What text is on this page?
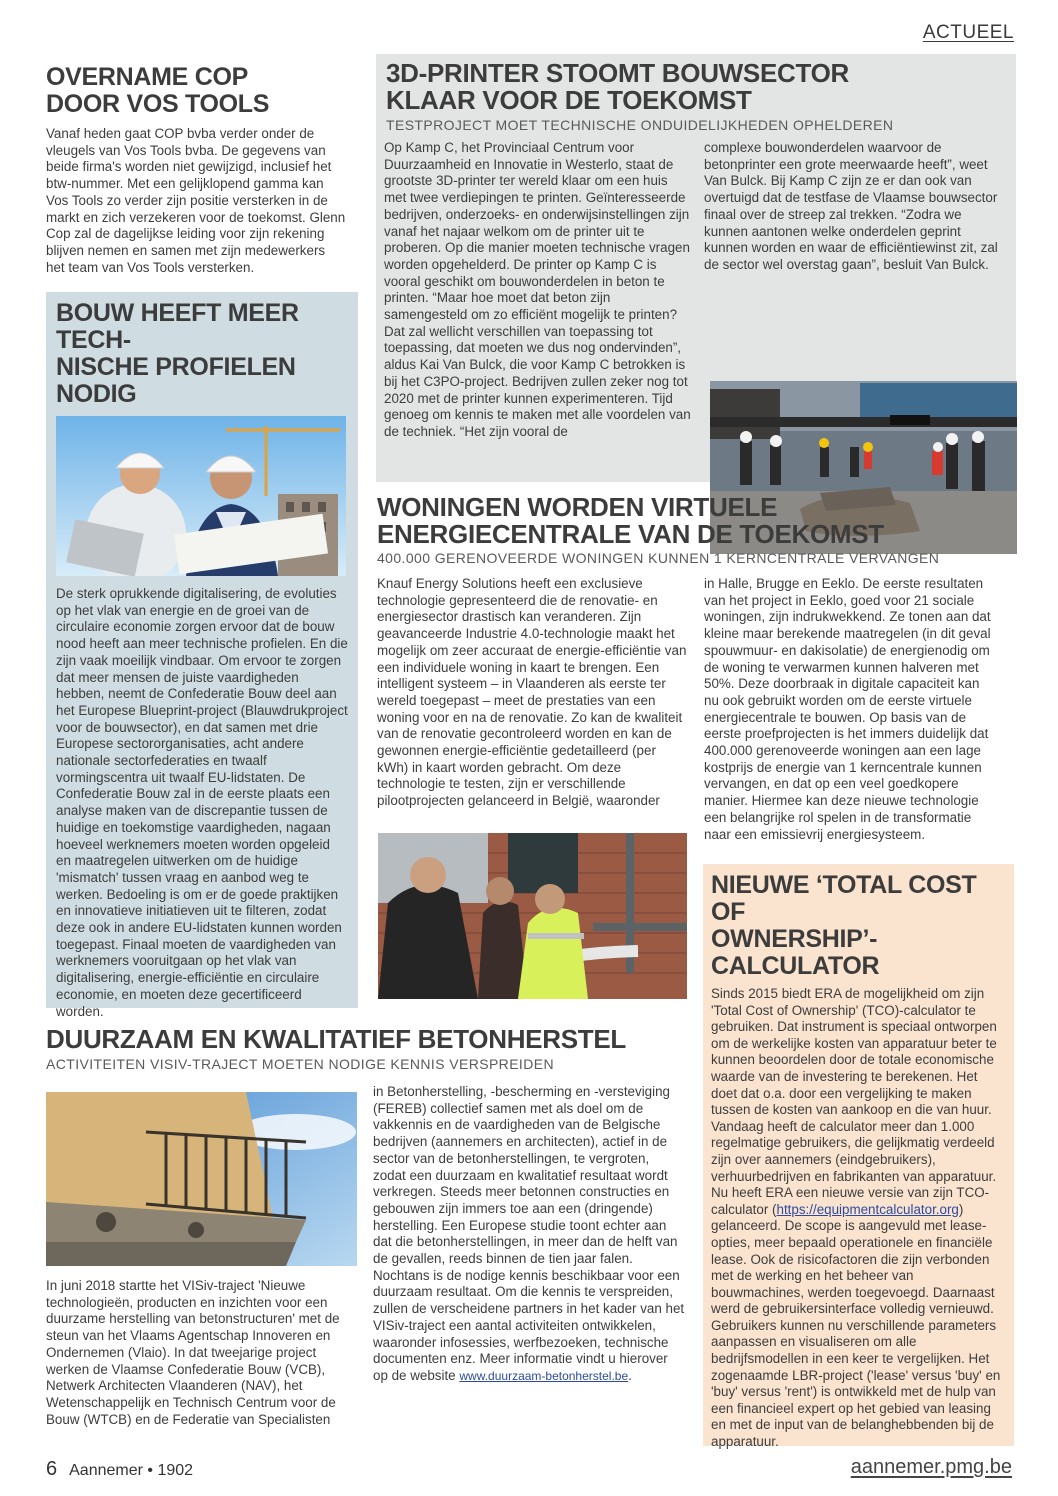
ACTUEEL
OVERNAME COP
DOOR VOS TOOLS
Vanaf heden gaat COP bvba verder onder de vleugels van Vos Tools bvba. De gegevens van beide firma's worden niet gewijzigd, inclusief het btw-nummer. Met een gelijklopend gamma kan Vos Tools zo verder zijn positie versterken in de markt en zich verzekeren voor de toekomst. Glenn Cop zal de dagelijkse leiding voor zijn rekening blijven nemen en samen met zijn medewerkers het team van Vos Tools versterken.
BOUW HEEFT MEER TECH-
NISCHE PROFIELEN NODIG
De sterk oprukkende digitalisering, de evoluties op het vlak van energie en de groei van de circulaire economie zorgen ervoor dat de bouw nood heeft aan meer technische profielen. En die zijn vaak moeilijk vindbaar. Om ervoor te zorgen dat meer mensen de juiste vaardigheden hebben, neemt de Confederatie Bouw deel aan het Europese Blueprint-project (Blauwdrukproject voor de bouwsector), en dat samen met drie Europese sectororganisaties, acht andere nationale sectorfederaties en twaalf vormingscentra uit twaalf EU-lidstaten. De Confederatie Bouw zal in de eerste plaats een analyse maken van de discrepantie tussen de huidige en toekomstige vaardigheden, nagaan hoeveel werknemers moeten worden opgeleid en maatregelen uitwerken om de huidige 'mismatch' tussen vraag en aanbod weg te werken. Bedoeling is om er de goede praktijken en innovatieve initiatieven uit te filteren, zodat deze ook in andere EU-lidstaten kunnen worden toegepast. Finaal moeten de vaardigheden van werknemers vooruitgaan op het vlak van digitalisering, energie-efficiëntie en circulaire economie, en moeten deze gecertificeerd worden.
3D-PRINTER STOOMT BOUWSECTOR
KLAAR VOOR DE TOEKOMST
TESTPROJECT MOET TECHNISCHE ONDUIDELIJKHEDEN OPHELDEREN
Op Kamp C, het Provinciaal Centrum voor Duurzaamheid en Innovatie in Westerlo, staat de grootste 3D-printer ter wereld klaar om een huis met twee verdiepingen te printen. Geïnteresseerde bedrijven, onderzoeks- en onderwijsinstellingen zijn vanaf het najaar welkom om de printer uit te proberen. Op die manier moeten technische vragen worden opgehelderd. De printer op Kamp C is vooral geschikt om bouwonderdelen in beton te printen. “Maar hoe moet dat beton zijn samengesteld om zo efficiënt mogelijk te printen? Dat zal wellicht verschillen van toepassing tot toepassing, dat moeten we dus nog ondervinden”, aldus Kai Van Bulck, die voor Kamp C betrokken is bij het C3PO-project. Bedrijven zullen zeker nog tot 2020 met de printer kunnen experimenteren. Tijd genoeg om kennis te maken met alle voordelen van de techniek. “Het zijn vooral de
complexe bouwonderdelen waarvoor de betonprinter een grote meerwaarde heeft”, weet Van Bulck. Bij Kamp C zijn ze er dan ook van overtuigd dat de testfase de Vlaamse bouwsector finaal over de streep zal trekken. “Zodra we kunnen aantonen welke onderdelen geprint kunnen worden en waar de efficiëntiewinst zit, zal de sector wel overstag gaan”, besluit Van Bulck.
WONINGEN WORDEN VIRTUELE
ENERGIECENTRALE VAN DE TOEKOMST
400.000 GERENOVEERDE WONINGEN KUNNEN 1 KERNCENTRALE VERVANGEN
Knauf Energy Solutions heeft een exclusieve technologie gepresenteerd die de renovatie- en energiesector drastisch kan veranderen. Zijn geavanceerde Industrie 4.0-technologie maakt het mogelijk om zeer accuraat de energie-efficiëntie van een individuele woning in kaart te brengen. Een intelligent systeem – in Vlaanderen als eerste ter wereld toegepast – meet de prestaties van een woning voor en na de renovatie. Zo kan de kwaliteit van de renovatie gecontroleerd worden en kan de gewonnen energie-efficiëntie gedetailleerd (per kWh) in kaart worden gebracht. Om deze technologie te testen, zijn er verschillende pilootprojecten gelanceerd in België, waaronder
in Halle, Brugge en Eeklo. De eerste resultaten van het project in Eeklo, goed voor 21 sociale woningen, zijn indrukwekkend. Ze tonen aan dat kleine maar berekende maatregelen (in dit geval spouwmuur- en dakisolatie) de energienodig om de woning te verwarmen kunnen halveren met 50%. Deze doorbraak in digitale capaciteit kan nu ook gebruikt worden om de eerste virtuele energiecentrale te bouwen. Op basis van de eerste proefprojecten is het immers duidelijk dat 400.000 gerenoveerde woningen aan een lage kostprijs de energie van 1 kerncentrale kunnen vervangen, en dat op een veel goedkopere manier. Hiermee kan deze nieuwe technologie een belangrijke rol spelen in de transformatie naar een emissievrij energiesysteem.
NIEUWE ‘TOTAL COST OF
OWNERSHIP’-CALCULATOR
Sinds 2015 biedt ERA de mogelijkheid om zijn 'Total Cost of Ownership' (TCO)-calculator te gebruiken. Dat instrument is speciaal ontworpen om de werkelijke kosten van apparatuur beter te kunnen beoordelen door de totale economische waarde van de investering te berekenen. Het doet dat o.a. door een vergelijking te maken tussen de kosten van aankoop en die van huur. Vandaag heeft de calculator meer dan 1.000 regelmatige gebruikers, die gelijkmatig verdeeld zijn over aannemers (eindgebruikers), verhuurbedrijven en fabrikanten van apparatuur. Nu heeft ERA een nieuwe versie van zijn TCO-calculator (https://equipmentcalculator.org) gelanceerd. De scope is aangevuld met lease-opties, meer bepaald operationele en financiële lease. Ook de risicofactoren die zijn verbonden met de werking en het beheer van bouwmachines, werden toegevoegd. Daarnaast werd de gebruikersinterface volledig vernieuwd. Gebruikers kunnen nu verschillende parameters aanpassen en visualiseren om alle bedrijfsmodellen in een keer te vergelijken. Het zogenaamde LBR-project ('lease' versus 'buy' en 'buy' versus 'rent') is ontwikkeld met de hulp van een financieel expert op het gebied van leasing en met de input van de belanghebbenden bij de apparatuur.
DUURZAAM EN KWALITATIEF BETONHERSTEL
ACTIVITEITEN VISIV-TRAJECT MOETEN NODIGE KENNIS VERSPREIDEN
In juni 2018 startte het VISiv-traject 'Nieuwe technologieën, producten en inzichten voor een duurzame herstelling van betonstructuren' met de steun van het Vlaams Agentschap Innoveren en Ondernemen (Vlaio). In dat tweejarige project werken de Vlaamse Confederatie Bouw (VCB), Netwerk Architecten Vlaanderen (NAV), het Wetenschappelijk en Technisch Centrum voor de Bouw (WTCB) en de Federatie van Specialisten
in Betonherstelling, -bescherming en -versteviging (FEREB) collectief samen met als doel om de vakkennis en de vaardigheden van de Belgische bedrijven (aannemers en architecten), actief in de sector van de betonherstellingen, te vergroten, zodat een duurzaam en kwalitatief resultaat wordt verkregen. Steeds meer betonnen constructies en gebouwen zijn immers toe aan een (dringende) herstelling. Een Europese studie toont echter aan dat die betonherstellingen, in meer dan de helft van de gevallen, reeds binnen de tien jaar falen. Nochtans is de nodige kennis beschikbaar voor een duurzaam resultaat. Om die kennis te verspreiden, zullen de verscheidene partners in het kader van het VISiv-traject een aantal activiteiten ontwikkelen, waaronder infosessies, werfbezoeken, technische documenten enz. Meer informatie vindt u hierover op de website www.duurzaam-betonherstel.be.
6 Aannemer • 1902	aannemer.pmg.be
